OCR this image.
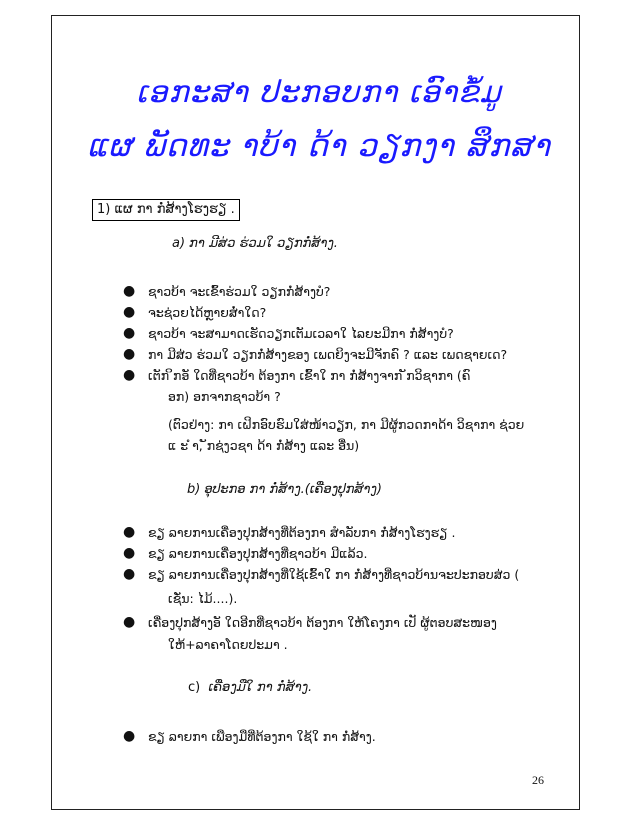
ເອກະສາ ປະກອບກາ ເອົາຂໍ້ມູ
ແຜ ພັດທະ າບ້າ ດ້າ ວຽກງາ ສຶກສາ
1) ແຜ ກາ ກໍ່ສ້າງໂຮງຮຽ .
a) ກາ ມີສ່ວ ຮ່ວມໃ ວຽກກໍ່ສ້າງ.
● ຊາວບ້າ ຈະເຂົ້າຮ່ວມໃ ວຽກກໍ່ສ້າງບໍ?
● ຈະຊ່ວຍໄດ້ຫຼາຍສໍ່າໃດ?
● ຊາວບ້າ ຈະສາມາດເຮັດວຽກເຕັມເວລາໃ ໄລຍະມີກາ ກໍ່ສ້າງບໍ?
● ກາ ມີສ່ວ ຮ່ວມໃ ວຽກກໍ່ສ້າງຂອງ ເພດຍິງຈະມີຈັກຄົ ? ແລະ ເພດຊາຍເດ?
● ເຕັກ ິກອັ ໃດທີ່ຊາວບ້າ ຕ້ອງກາ ເຂົ້າໃ ກາ ກໍ່ສ້າງຈາກ ັກວິຊາກາ (ຄົ
ອກ) ອກຈາກຊາວບ້າ ?
(ຕົວຢ່າງ: ກາ ເຝິກອົບຮົມໃສ່ໜ້າວຽກ, ກາ ມີຜູ້ກວດກາດ້າ ວິຊາກາ ຊ່ວຍ
ແ ະ ຳ, ັກຊ່ງວຊາ ດ້າ ກໍ່ສ້າງ ແລະ ອື່ນ)
b) ອຸປະກອ ກາ ກໍ່ສ້າງ.(ເຄື່ອງປຸກສ້າງ)
● ຂຽ ລາຍການເຄື່ອງປຸກສ້າງທີ່ຕ້ອງກາ ສຳລັບກາ ກໍ່ສ້າງໂຮງຮຽ .
● ຂຽ ລາຍການເຄື່ອງປຸກສ້າງທີ່ຊາວບ້າ ມີແລ້ວ.
● ຂຽ ລາຍການເຄື່ອງປຸກສ້າງທີ່ໃຊ້ເຂົ້າໃ ກາ ກໍ່ສ້າງທີ່ຊາວບ້ານຈະປະກອບສ່ວ (
ເຊັ່ນ: ໄມ້....).
● ເຄື່ອງປຸກສ້າງອັ ໃດອີກທີ່ຊາວບ້າ ຕ້ອງກາ ໃຫ້ໂຄງກາ ເປັ ຜູ້ຕອບສະໜອງ
ໃຫ້+ລາຄາໂດຍປະມາ .
c) ເຄື່ອງມືໃ ກາ ກໍ່ສ້າງ.
● ຂຽ ລາຍກາ ເພືອງມືທີ່ຕ້ອງກາ ໃຊ້ໃ ກາ ກໍ່ສ້າງ.
26
